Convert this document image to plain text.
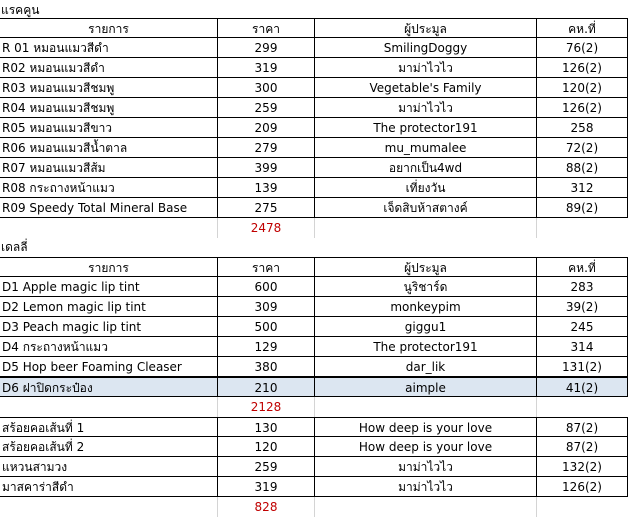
แรคคูน
รายการ	ราคา	ผู้ประมูล	คห.ที่
R 01 หมอนแมวสีดำ	299	SmilingDoggy	76(2)
R02 หมอนแมวสีดำ	319	มาม่าไวไว	126(2)
R03 หมอนแมวสีชมพู	300	Vegetable's Family	120(2)
R04 หมอนแมวสีชมพู	259	มาม่าไวไว	126(2)
R05 หมอนแมวสีขาว	209	The protector191	258
R06 หมอนแมวสีน้ำตาล	279	mu_mumalee	72(2)
R07 หมอนแมวสีส้ม	399	อยากเป็น4wd	88(2)
R08 กระถางหน้าแมว	139	เที่ยงวัน	312
R09 Speedy Total Mineral Base	275	เจ็ดสิบห้าสตางค์	89(2)
2478
เดลลี่
รายการ	ราคา	ผู้ประมูล	คห.ที่
D1 Apple magic lip tint	600	นูริชาร์ด	283
D2 Lemon magic lip tint	309	monkeypim	39(2)
D3 Peach magic lip tint	500	giggu1	245
D4 กระถางหน้าแมว	129	The protector191	314
D5 Hop beer Foaming Cleaser	380	dar_lik	131(2)
D6 ฝาปิดกระป๋อง	210	aimple	41(2)
2128
สร้อยคอเส้นที่ 1	130	How deep is your love	87(2)
สร้อยคอเส้นที่ 2	120	How deep is your love	87(2)
แหวนสามวง	259	มาม่าไวไว	132(2)
มาสคาร่าสีดำ	319	มาม่าไวไว	126(2)
828
